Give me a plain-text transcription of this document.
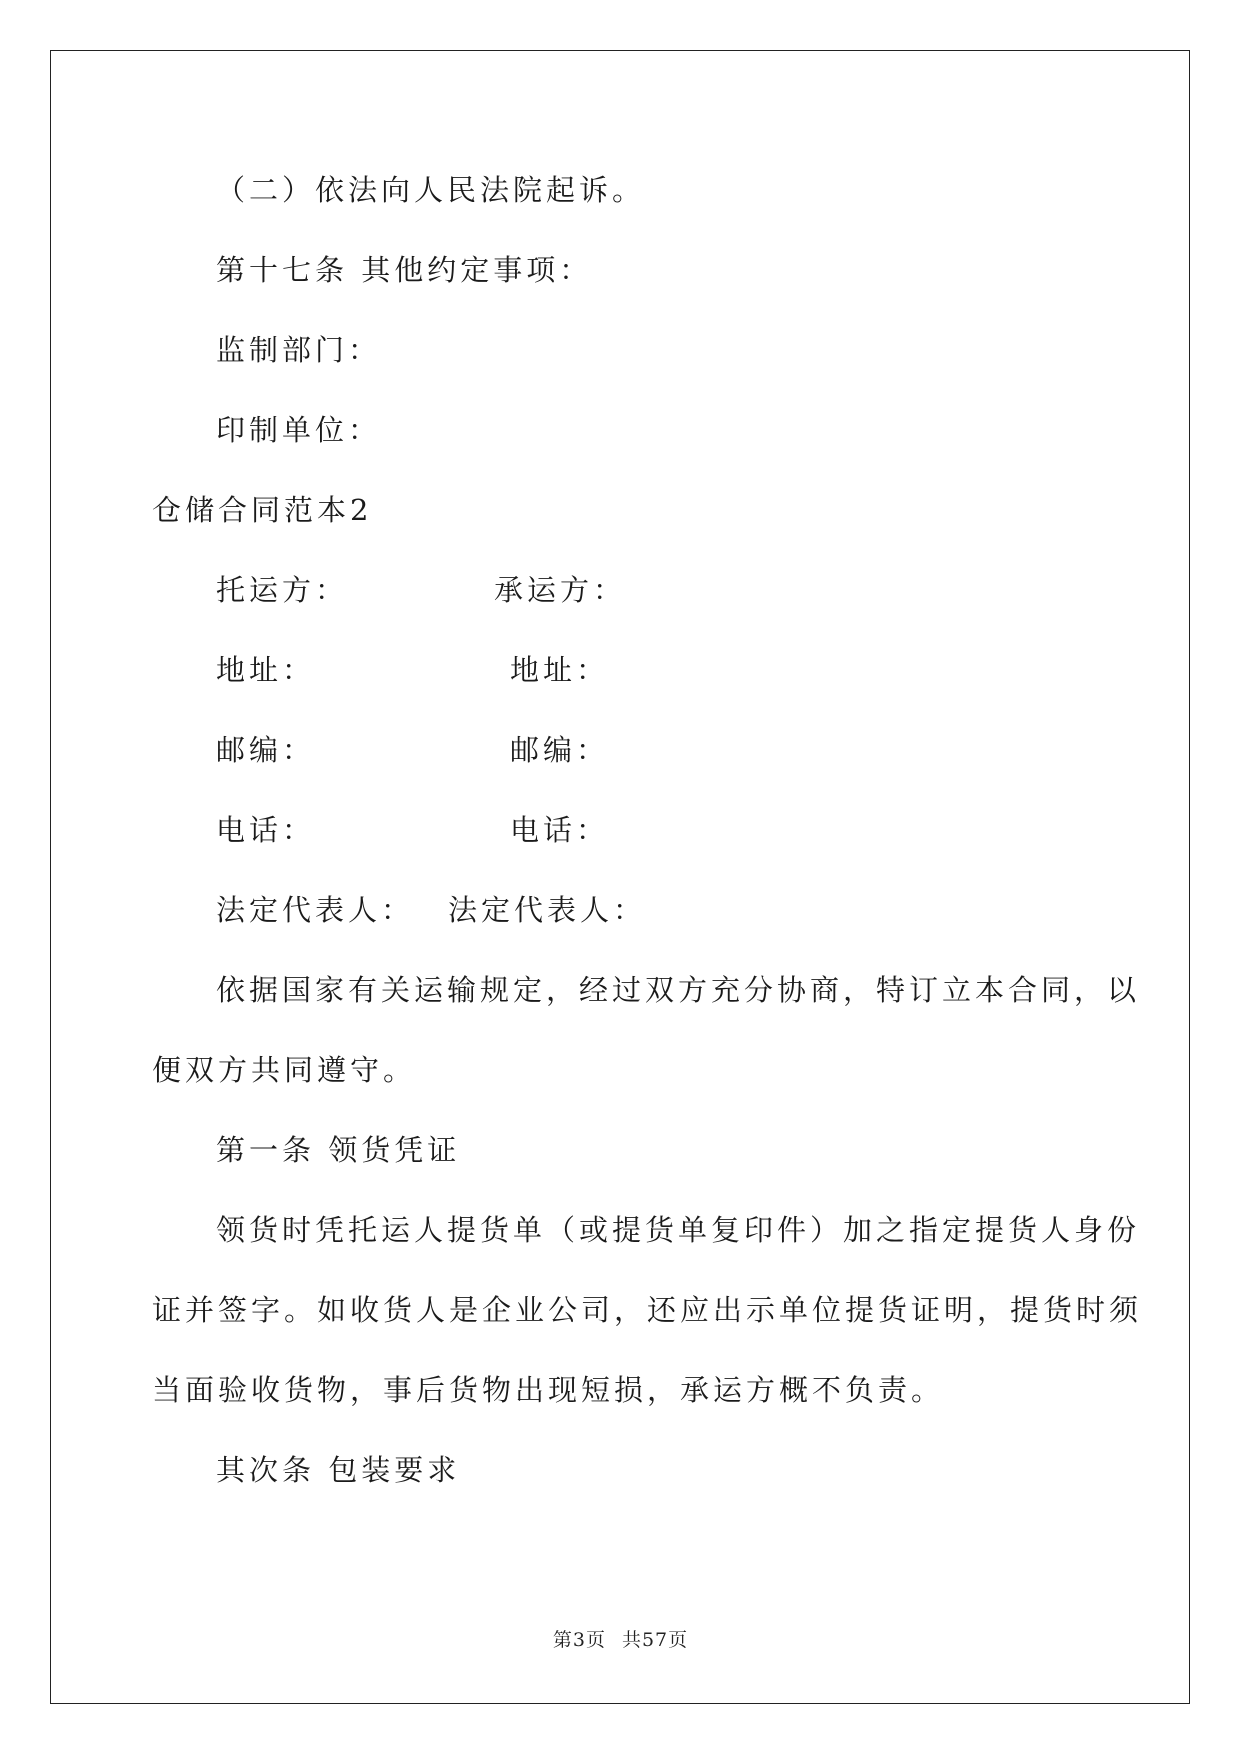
（二）依法向人民法院起诉。
第十七条 其他约定事项：
监制部门：
印制单位：
仓储合同范本2
托运方：	承运方：
地址：	地址：
邮编：	邮编：
电话：	电话：
法定代表人： 法定代表人：
依据国家有关运输规定，经过双方充分协商，特订立本合同，以
便双方共同遵守。
第一条 领货凭证
领货时凭托运人提货单（或提货单复印件）加之指定提货人身份
证并签字。如收货人是企业公司，还应出示单位提货证明，提货时须
当面验收货物，事后货物出现短损，承运方概不负责。
其次条 包装要求
第3页 共57页
